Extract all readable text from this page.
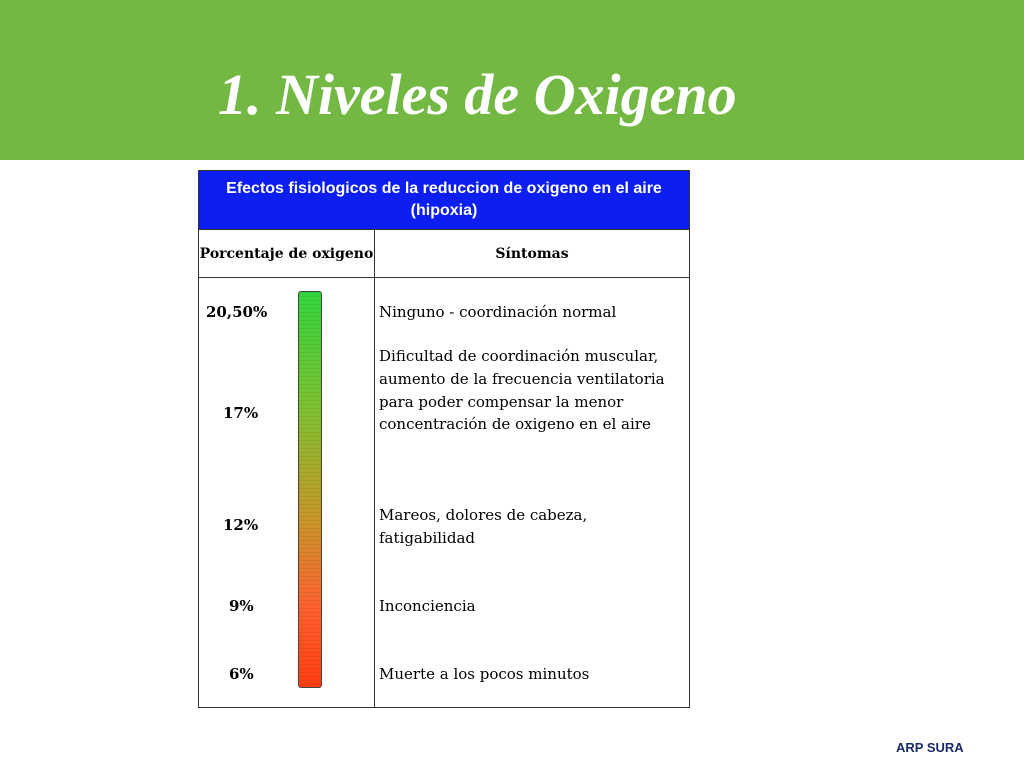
1. Niveles de Oxigeno
Efectos fisiologicos de la reduccion de oxigeno en el aire (hipoxia)
Porcentaje de oxigeno	Síntomas
20,50%
17%
12%
9%
6%
Ninguno - coordinación normal
Dificultad de coordinación muscular, aumento de la frecuencia ventilatoria para poder compensar la menor concentración de oxigeno en el aire
Mareos, dolores de cabeza, fatigabilidad
Inconciencia
Muerte a los pocos minutos
ARP SURA
